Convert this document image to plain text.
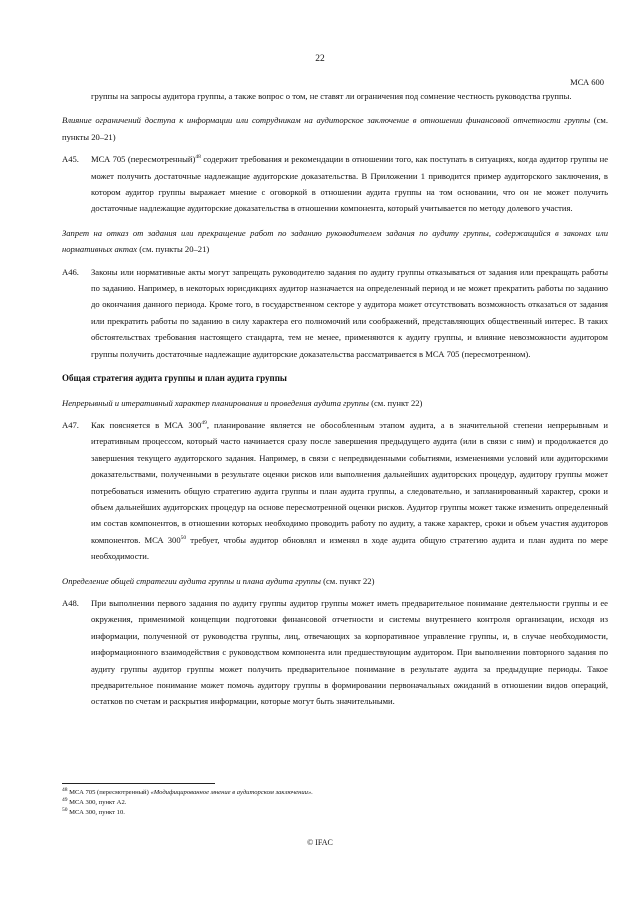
22
МСА 600

группы на запросы аудитора группы, а также вопрос о том, не ставят ли ограничения под сомнение честность руководства группы.

Влияние ограничений доступа к информации или сотрудникам на аудиторское заключение в отношении финансовой отчетности группы (см. пункты 20–21)

A45. МСА 705 (пересмотренный)$^{48}$ содержит требования и рекомендации в отношении того, как поступать в ситуациях, когда аудитор группы не может получить достаточные надлежащие аудиторские доказательства. В Приложении 1 приводится пример аудиторского заключения, в котором аудитор группы выражает мнение с оговоркой в отношении аудита группы на том основании, что он не может получить достаточные надлежащие аудиторские доказательства в отношении компонента, который учитывается по методу долевого участия.

Запрет на отказ от задания или прекращение работ по заданию руководителем задания по аудиту группы, содержащийся в законах или нормативных актах (см. пункты 20–21)

A46. Законы или нормативные акты могут запрещать руководителю задания по аудиту группы отказываться от задания или прекращать работы по заданию. Например, в некоторых юрисдикциях аудитор назначается на определенный период и не может прекратить работы по заданию до окончания данного периода. Кроме того, в государственном секторе у аудитора может отсутствовать возможность отказаться от задания или прекратить работы по заданию в силу характера его полномочий или соображений, представляющих общественный интерес. В таких обстоятельствах требования настоящего стандарта, тем не менее, применяются к аудиту группы, и влияние невозможности аудитором группы получить достаточные надлежащие аудиторские доказательства рассматривается в МСА 705 (пересмотренном).

Общая стратегия аудита группы и план аудита группы

Непрерывный и итеративный характер планирования и проведения аудита группы (см. пункт 22)

A47. Как поясняется в МСА $300^{49}$, планирование является не обособленным этапом аудита, а в значительной степени непрерывным и итеративным процессом, который часто начинается сразу после завершения предыдущего аудита (или в связи с ним) и продолжается до завершения текущего аудиторского задания. Например, в связи с непредвиденными событиями, изменениями условий или аудиторскими доказательствами, полученными в результате оценки рисков или выполнения дальнейших аудиторских процедур, аудитору группы может потребоваться изменить общую стратегию аудита группы и план аудита группы, а следовательно, и запланированный характер, сроки и объем дальнейших аудиторских процедур на основе пересмотренной оценки рисков. Аудитор группы может также изменить определенный им состав компонентов, в отношении которых необходимо проводить работу по аудиту, а также характер, сроки и объем участия аудиторов компонентов. МСА $300^{50}$ требует, чтобы аудитор обновлял и изменял в ходе аудита общую стратегию аудита и план аудита по мере необходимости.

Определение общей стратегии аудита группы и плана аудита группы (см. пункт 22)

A48. При выполнении первого задания по аудиту группы аудитор группы может иметь предварительное понимание деятельности группы и ее окружения, применимой концепции подготовки финансовой отчетности и системы внутреннего контроля организации, исходя из информации, полученной от руководства группы, лиц, отвечающих за корпоративное управление группы, и, в случае необходимости, информационного взаимодействия с руководством компонента или предшествующим аудитором. При выполнении повторного задания по аудиту группы аудитор группы может получить предварительное понимание в результате аудита за предыдущие периоды. Такое предварительное понимание может помочь аудитору группы в формировании первоначальных ожиданий в отношении видов операций, остатков по счетам и раскрытия информации, которые могут быть значительными.
$^{48}$ МСА 705 (пересмотренный) «Модифицированное мнение в аудиторском заключении».
$^{49}$ МСА 300, пункт А2.
$^{50}$ МСА 300, пункт 10.
© IFAC
